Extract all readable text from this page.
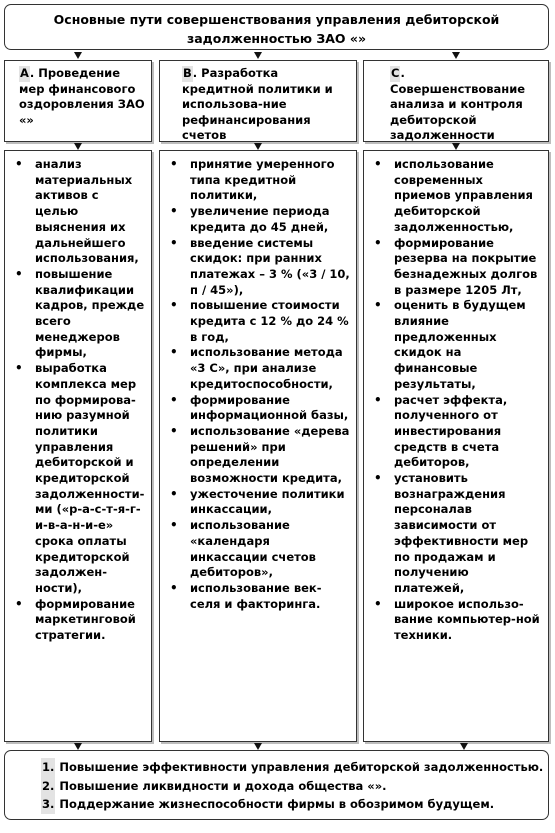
Основные пути совершенствования управления дебиторской задолженностью ЗАО «»
А. Проведение мер финансового оздоровления ЗАО «»
В. Разработка кредитной политики и использова-ние рефинансирования счетов
С. Совершенствование анализа и контроля дебиторской задолженности
• анализ материальных активов с целью выяснения их дальнейшего использования,
• повышение квалификации кадров, прежде всего менеджеров фирмы,
• выработка комплекса мер по формирова-нию разумной политики управления дебиторской и кредиторской задолженности-ми («р-а-с-т-я-г-и-в-а-н-и-е» срока оплаты кредиторской задолжен-ности),
• формирование маркетинговой стратегии.
• принятие умеренного типа кредитной политики,
• увеличение периода кредита до 45 дней,
• введение системы скидок: при ранних платежах – 3 % («3 / 10, п / 45»),
• повышение стоимости кредита с 12 % до 24 % в год,
• использование метода «3 С», при анализе кредитоспособности,
• формирование информационной базы,
• использование «дерева решений» при определении возможности кредита,
• ужесточение политики инкассации,
• использование «календаря инкассации счетов дебиторов»,
• использование век-селя и факторинга.
• использование современных приемов управления дебиторской задолженностью,
• формирование резерва на покрытие безнадежных долгов в размере 1205 Лт,
• оценить в будущем влияние предложенных скидок на финансовые результаты,
• расчет эффекта, полученного от инвестирования средств в счета дебиторов,
• установить вознаграждения персоналав зависимости от эффективности мер по продажам и получению платежей,
• широкое использо-вание компьютер-ной техники.
1. Повышение эффективности управления дебиторской задолженностью.
2. Повышение ликвидности и дохода общества «».
3. Поддержание жизнеспособности фирмы в обозримом будущем.
